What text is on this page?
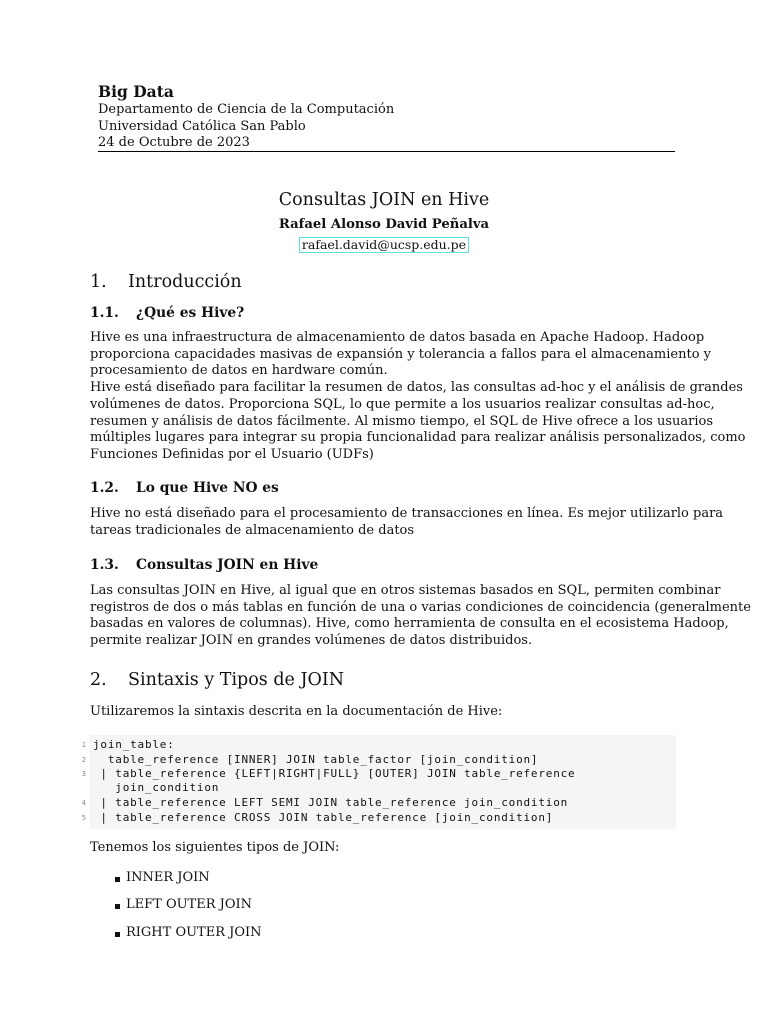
Big Data
Departamento de Ciencia de la Computación
Universidad Católica San Pablo
24 de Octubre de 2023
Consultas JOIN en Hive
Rafael Alonso David Peñalva
rafael.david@ucsp.edu.pe
1. Introducción
1.1. ¿Qué es Hive?
Hive es una infraestructura de almacenamiento de datos basada en Apache Hadoop. Hadoop
proporciona capacidades masivas de expansión y tolerancia a fallos para el almacenamiento y
procesamiento de datos en hardware común.
Hive está diseñado para facilitar la resumen de datos, las consultas ad-hoc y el análisis de grandes
volúmenes de datos. Proporciona SQL, lo que permite a los usuarios realizar consultas ad-hoc,
resumen y análisis de datos fácilmente. Al mismo tiempo, el SQL de Hive ofrece a los usuarios
múltiples lugares para integrar su propia funcionalidad para realizar análisis personalizados, como
Funciones Definidas por el Usuario (UDFs)
1.2. Lo que Hive NO es
Hive no está diseñado para el procesamiento de transacciones en línea. Es mejor utilizarlo para
tareas tradicionales de almacenamiento de datos
1.3. Consultas JOIN en Hive
Las consultas JOIN en Hive, al igual que en otros sistemas basados en SQL, permiten combinar
registros de dos o más tablas en función de una o varias condiciones de coincidencia (generalmente
basadas en valores de columnas). Hive, como herramienta de consulta en el ecosistema Hadoop,
permite realizar JOIN en grandes volúmenes de datos distribuidos.
2. Sintaxis y Tipos de JOIN
Utilizaremos la sintaxis descrita en la documentación de Hive:
1 join_table:
2 table_reference [INNER] JOIN table_factor [join_condition]
3 | table_reference {LEFT|RIGHT|FULL} [OUTER] JOIN table_reference
join_condition
4 | table_reference LEFT SEMI JOIN table_reference join_condition
5 | table_reference CROSS JOIN table_reference [join_condition]
Tenemos los siguientes tipos de JOIN:
INNER JOIN
LEFT OUTER JOIN
RIGHT OUTER JOIN
